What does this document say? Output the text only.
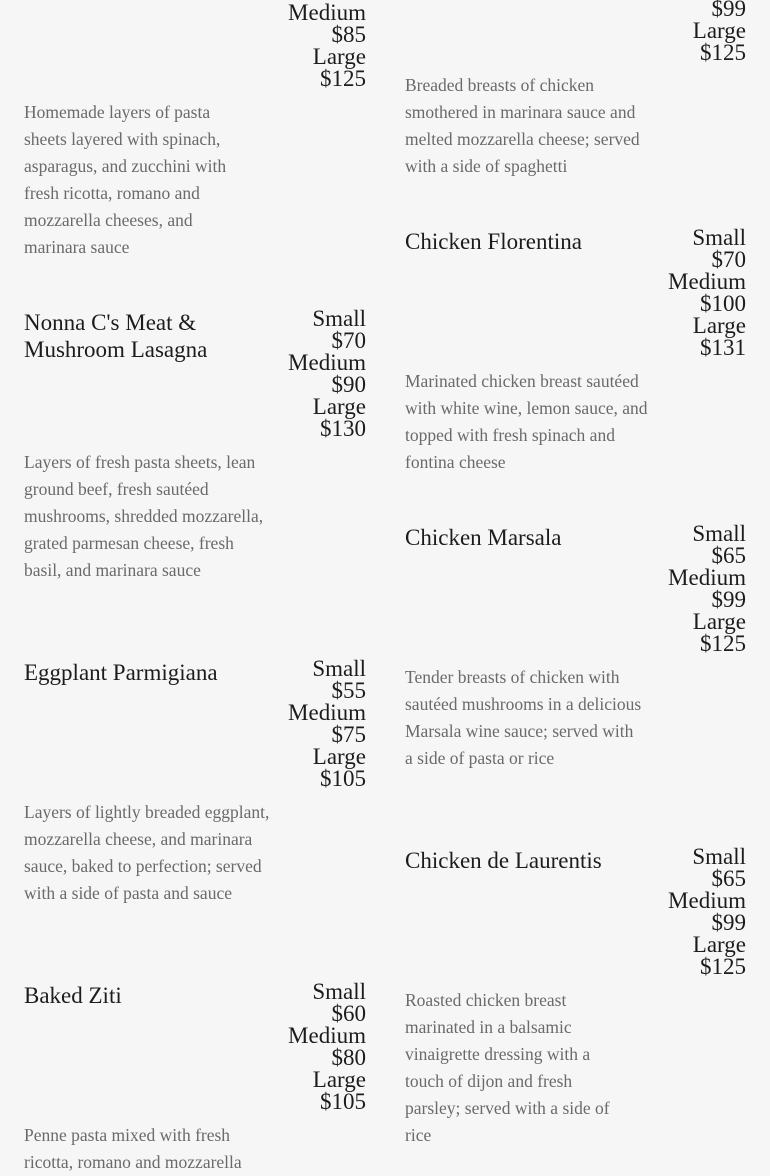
Medium
$85
Large
$125

Homemade layers of pasta sheets layered with spinach, asparagus, and zucchini with fresh ricotta, romano and mozzarella cheeses, and marinara sauce

Nonna C's Meat & Mushroom Lasagna
Small
$70
Medium
$90
Large
$130

Layers of fresh pasta sheets, lean ground beef, fresh sautéed mushrooms, shredded mozzarella, grated parmesan cheese, fresh basil, and marinara sauce

Eggplant Parmigiana	Small
$55
Medium
$75
Large
$105

Layers of lightly breaded eggplant, mozzarella cheese, and marinara sauce, baked to perfection; served with a side of pasta and sauce

Baked Ziti	Small
$60
Medium
$80
Large
$105

Penne pasta mixed with fresh ricotta, romano and mozzarella

$99
Large
$125

Breaded breasts of chicken smothered in marinara sauce and melted mozzarella cheese; served with a side of spaghetti

Chicken Florentina	Small
$70
Medium
$100
Large
$131

Marinated chicken breast sautéed with white wine, lemon sauce, and topped with fresh spinach and fontina cheese

Chicken Marsala	Small
$65
Medium
$99
Large
$125

Tender breasts of chicken with sautéed mushrooms in a delicious Marsala wine sauce; served with a side of pasta or rice

Chicken de Laurentis	Small
$65
Medium
$99
Large
$125

Roasted chicken breast marinated in a balsamic vinaigrette dressing with a touch of dijon and fresh parsley; served with a side of rice
